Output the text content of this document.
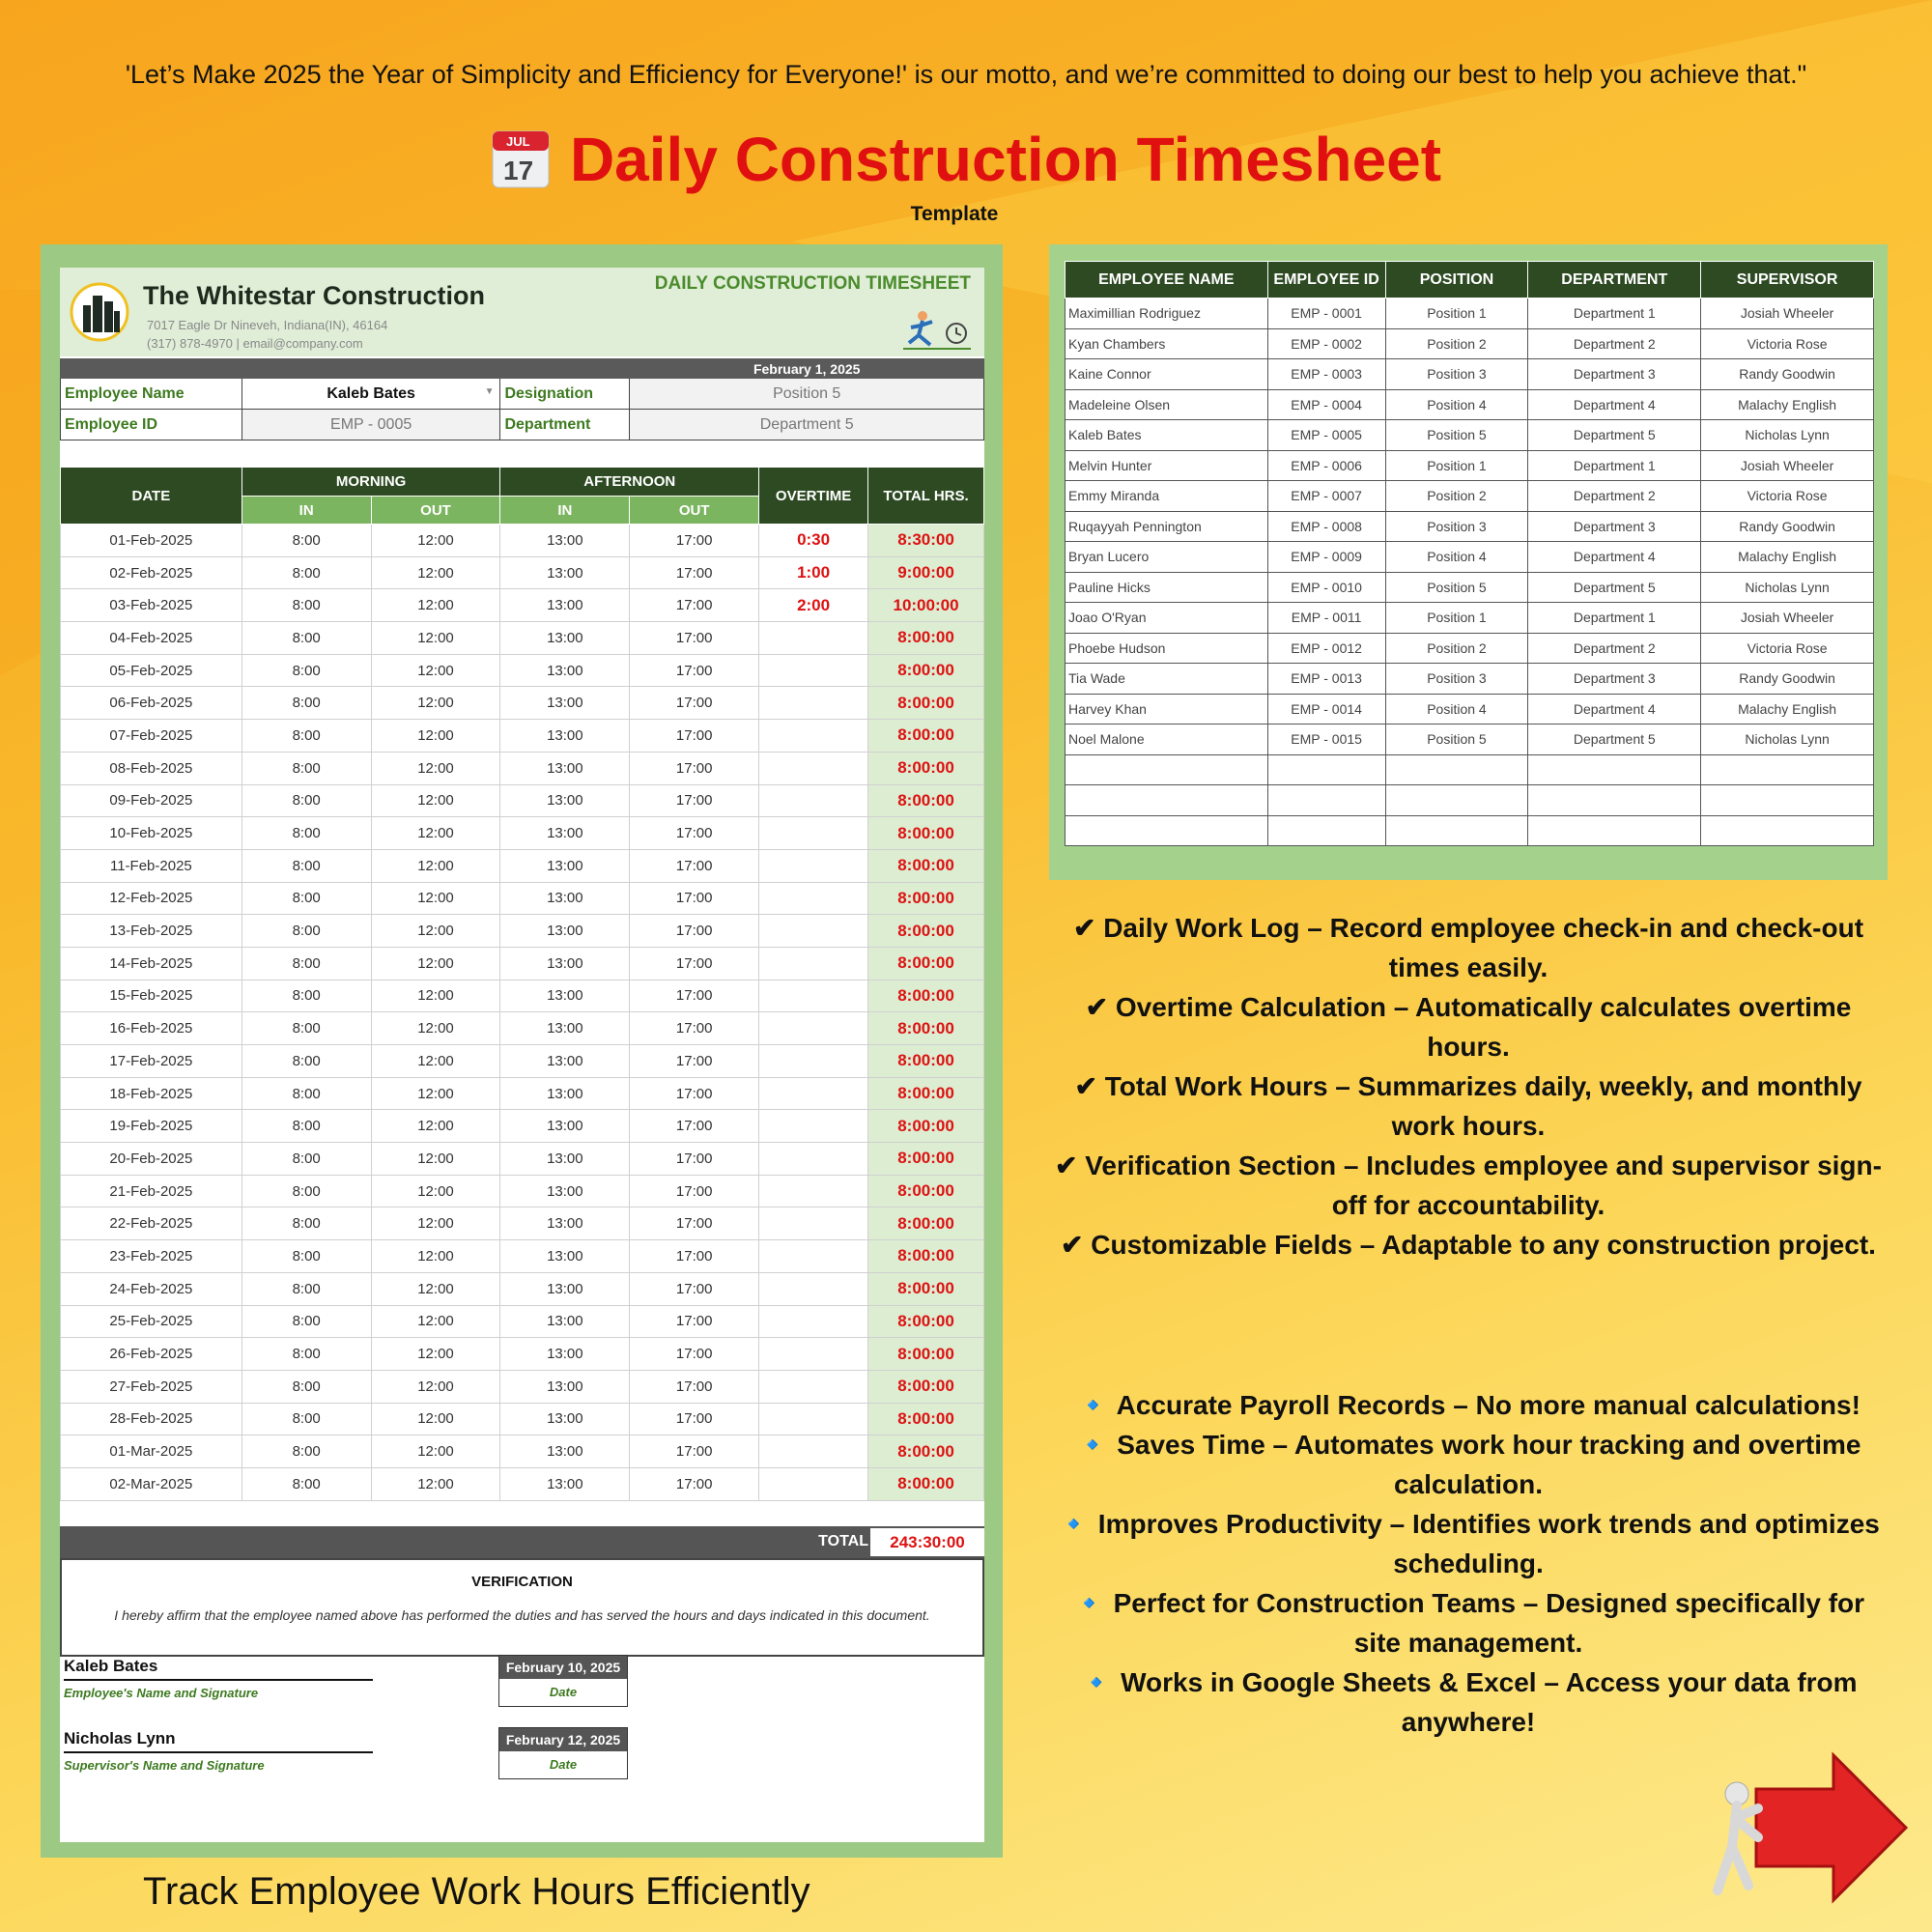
'Let’s Make 2025 the Year of Simplicity and Efficiency for Everyone!' is our motto, and we’re committed to doing our best to help you achieve that."
JUL
17 Daily Construction Timesheet
Template
The Whitestar Construction
7017 Eagle Dr Nineveh, Indiana(IN), 46164
(317) 878-4970 | email@company.com
DAILY CONSTRUCTION TIMESHEET
			February 1, 2025
Employee Name	Kaleb Bates ▼	Designation	Position 5
Employee ID	EMP - 0005	Department	Department 5
DATE	MORNING		AFTERNOON		OVERTIME	TOTAL HRS.
	IN	OUT	IN	OUT		
01-Feb-2025	8:00	12:00	13:00	17:00	0:30	8:30:00
02-Feb-2025	8:00	12:00	13:00	17:00	1:00	9:00:00
03-Feb-2025	8:00	12:00	13:00	17:00	2:00	10:00:00
04-Feb-2025	8:00	12:00	13:00	17:00		8:00:00
05-Feb-2025	8:00	12:00	13:00	17:00		8:00:00
06-Feb-2025	8:00	12:00	13:00	17:00		8:00:00
07-Feb-2025	8:00	12:00	13:00	17:00		8:00:00
08-Feb-2025	8:00	12:00	13:00	17:00		8:00:00
09-Feb-2025	8:00	12:00	13:00	17:00		8:00:00
10-Feb-2025	8:00	12:00	13:00	17:00		8:00:00
11-Feb-2025	8:00	12:00	13:00	17:00		8:00:00
12-Feb-2025	8:00	12:00	13:00	17:00		8:00:00
13-Feb-2025	8:00	12:00	13:00	17:00		8:00:00
14-Feb-2025	8:00	12:00	13:00	17:00		8:00:00
15-Feb-2025	8:00	12:00	13:00	17:00		8:00:00
16-Feb-2025	8:00	12:00	13:00	17:00		8:00:00
17-Feb-2025	8:00	12:00	13:00	17:00		8:00:00
18-Feb-2025	8:00	12:00	13:00	17:00		8:00:00
19-Feb-2025	8:00	12:00	13:00	17:00		8:00:00
20-Feb-2025	8:00	12:00	13:00	17:00		8:00:00
21-Feb-2025	8:00	12:00	13:00	17:00		8:00:00
22-Feb-2025	8:00	12:00	13:00	17:00		8:00:00
23-Feb-2025	8:00	12:00	13:00	17:00		8:00:00
24-Feb-2025	8:00	12:00	13:00	17:00		8:00:00
25-Feb-2025	8:00	12:00	13:00	17:00		8:00:00
26-Feb-2025	8:00	12:00	13:00	17:00		8:00:00
27-Feb-2025	8:00	12:00	13:00	17:00		8:00:00
28-Feb-2025	8:00	12:00	13:00	17:00		8:00:00
01-Mar-2025	8:00	12:00	13:00	17:00		8:00:00
02-Mar-2025	8:00	12:00	13:00	17:00		8:00:00
TOTAL	243:30:00
VERIFICATION

I hereby affirm that the employee named above has performed the duties and has served the hours and days indicated in this document.

Kaleb Bates
Employee's Name and Signature
February 10, 2025
Date
Nicholas Lynn
Supervisor's Name and Signature
February 12, 2025
Date
Track Employee Work Hours Efficiently
EMPLOYEE NAME	EMPLOYEE ID	POSITION	DEPARTMENT	SUPERVISOR
Maximillian Rodriguez	EMP - 0001	Position 1	Department 1	Josiah Wheeler
Kyan Chambers	EMP - 0002	Position 2	Department 2	Victoria Rose
Kaine Connor	EMP - 0003	Position 3	Department 3	Randy Goodwin
Madeleine Olsen	EMP - 0004	Position 4	Department 4	Malachy English
Kaleb Bates	EMP - 0005	Position 5	Department 5	Nicholas Lynn
Melvin Hunter	EMP - 0006	Position 1	Department 1	Josiah Wheeler
Emmy Miranda	EMP - 0007	Position 2	Department 2	Victoria Rose
Ruqayyah Pennington	EMP - 0008	Position 3	Department 3	Randy Goodwin
Bryan Lucero	EMP - 0009	Position 4	Department 4	Malachy English
Pauline Hicks	EMP - 0010	Position 5	Department 5	Nicholas Lynn
Joao O'Ryan	EMP - 0011	Position 1	Department 1	Josiah Wheeler
Phoebe Hudson	EMP - 0012	Position 2	Department 2	Victoria Rose
Tia Wade	EMP - 0013	Position 3	Department 3	Randy Goodwin
Harvey Khan	EMP - 0014	Position 4	Department 4	Malachy English
Noel Malone	EMP - 0015	Position 5	Department 5	Nicholas Lynn

✔ Daily Work Log – Record employee check-in and check-out times easily.
✔ Overtime Calculation – Automatically calculates overtime hours.
✔ Total Work Hours – Summarizes daily, weekly, and monthly work hours.
✔ Verification Section – Includes employee and supervisor sign-off for accountability.
✔ Customizable Fields – Adaptable to any construction project.
🔹 Accurate Payroll Records – No more manual calculations!
🔹 Saves Time – Automates work hour tracking and overtime calculation.
🔹 Improves Productivity – Identifies work trends and optimizes scheduling.
🔹 Perfect for Construction Teams – Designed specifically for site management.
🔹 Works in Google Sheets & Excel – Access your data from anywhere!
